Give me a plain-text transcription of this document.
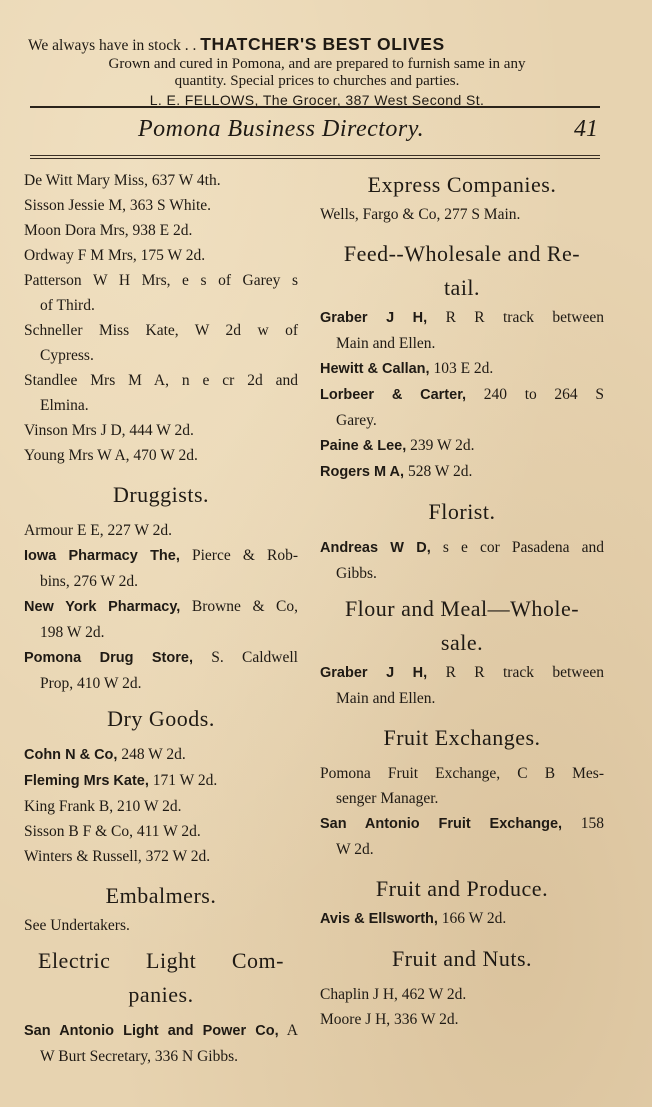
We always have in stock . . THATCHER'S BEST OLIVES
Grown and cured in Pomona, and are prepared to furnish same in any
quantity. Special prices to churches and parties.
L. E. FELLOWS, The Grocer, 387 West Second St.
Pomona Business Directory.	41
De Witt Mary Miss, 637 W 4th.
Sisson Jessie M, 363 S White.
Moon Dora Mrs, 938 E 2d.
Ordway F M Mrs, 175 W 2d.
Patterson W H Mrs, e s of Garey s
of Third.
Schneller Miss Kate, W 2d w of
Cypress.
Standlee Mrs M A, n e cr 2d and
Elmina.
Vinson Mrs J D, 444 W 2d.
Young Mrs W A, 470 W 2d.
Druggists.
Armour E E, 227 W 2d.
Iowa Pharmacy The, Pierce & Rob-
bins, 276 W 2d.
New York Pharmacy, Browne & Co,
198 W 2d.
Pomona Drug Store, S. Caldwell
Prop, 410 W 2d.
Dry Goods.
Cohn N & Co, 248 W 2d.
Fleming Mrs Kate, 171 W 2d.
King Frank B, 210 W 2d.
Sisson B F & Co, 411 W 2d.
Winters & Russell, 372 W 2d.
Embalmers.
See Undertakers.
Electric Light Com-
panies.
San Antonio Light and Power Co, A
W Burt Secretary, 336 N Gibbs.
Express Companies.
Wells, Fargo & Co, 277 S Main.
Feed--Wholesale and Re-
tail.
Graber J H, R R track between
Main and Ellen.
Hewitt & Callan, 103 E 2d.
Lorbeer & Carter, 240 to 264 S
Garey.
Paine & Lee, 239 W 2d.
Rogers M A, 528 W 2d.
Florist.
Andreas W D, s e cor Pasadena and
Gibbs.
Flour and Meal—Whole-
sale.
Graber J H, R R track between
Main and Ellen.
Fruit Exchanges.
Pomona Fruit Exchange, C B Mes-
senger Manager.
San Antonio Fruit Exchange, 158
W 2d.
Fruit and Produce.
Avis & Ellsworth, 166 W 2d.
Fruit and Nuts.
Chaplin J H, 462 W 2d.
Moore J H, 336 W 2d.
